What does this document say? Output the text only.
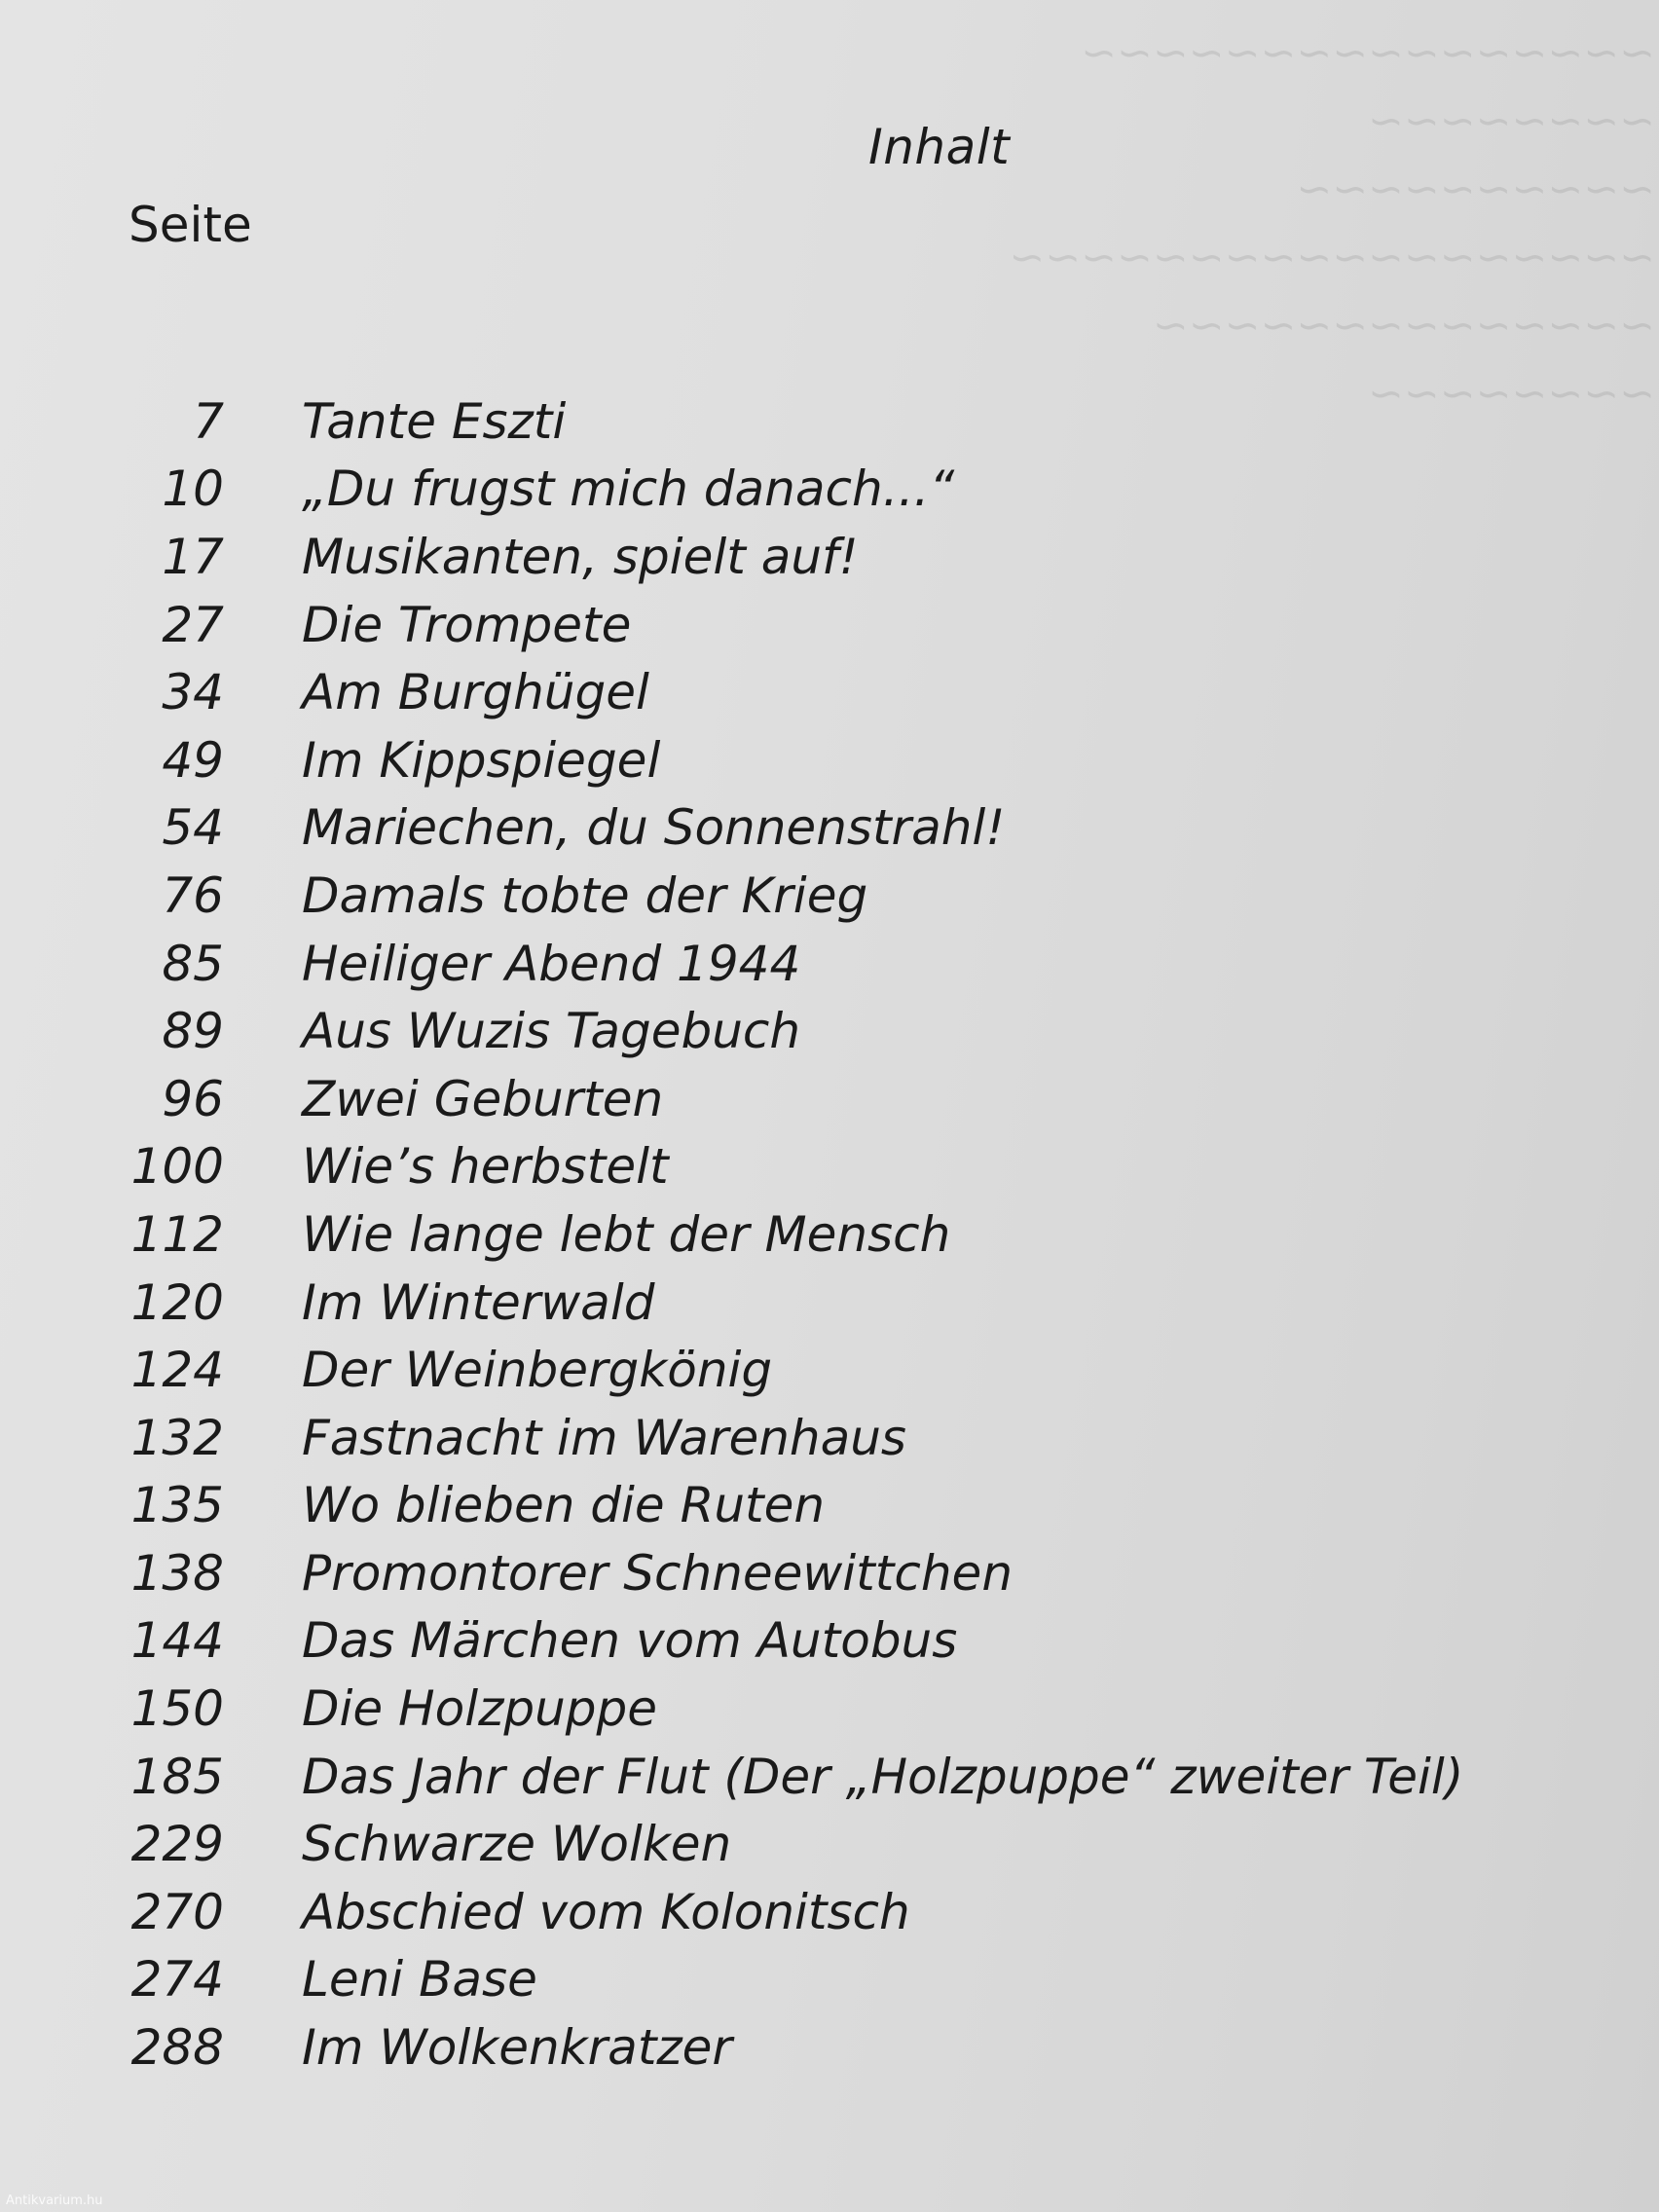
~~~~~~~~~~~~~~~~
~~~~~~~~
~~~~~~~~~~
~~~~~~~~~~~~~~~~~~
~~~~~~~~~~~~~~
~~~~~~~~
Inhalt
Seite
7 Tante Eszti
10 „Du frugst mich danach...“
17 Musikanten, spielt auf!
27 Die Trompete
34 Am Burghügel
49 Im Kippspiegel
54 Mariechen, du Sonnenstrahl!
76 Damals tobte der Krieg
85 Heiliger Abend 1944
89 Aus Wuzis Tagebuch
96 Zwei Geburten
100 Wie’s herbstelt
112 Wie lange lebt der Mensch
120 Im Winterwald
124 Der Weinbergkönig
132 Fastnacht im Warenhaus
135 Wo blieben die Ruten
138 Promontorer Schneewittchen
144 Das Märchen vom Autobus
150 Die Holzpuppe
185 Das Jahr der Flut (Der „Holzpuppe“ zweiter Teil)
229 Schwarze Wolken
270 Abschied vom Kolonitsch
274 Leni Base
288 Im Wolkenkratzer
Antikvarium.hu
